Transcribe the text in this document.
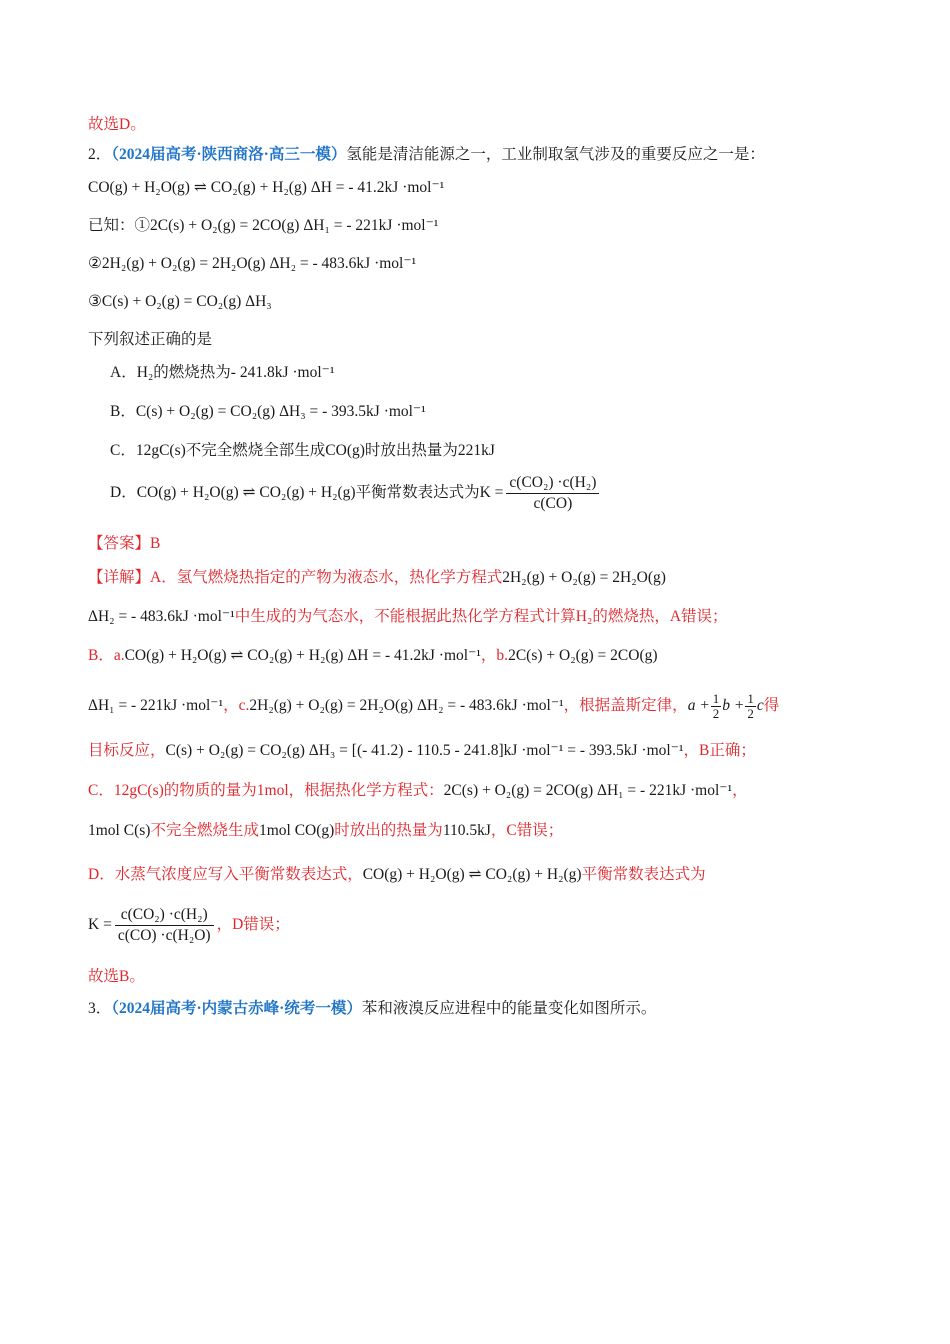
故选D。
2．（2024届高考·陕西商洛·高三一模）氢能是清洁能源之一，工业制取氢气涉及的重要反应之一是：
CO(g) + H₂O(g) ⇌ CO₂(g) + H₂(g) ΔH = - 41.2kJ ·mol⁻¹
已知：①2C(s) + O₂(g) = 2CO(g) ΔH₁ = - 221kJ ·mol⁻¹
②2H₂(g) + O₂(g) = 2H₂O(g) ΔH₂ = - 483.6kJ ·mol⁻¹
③C(s) + O₂(g) = CO₂(g) ΔH₃
下列叙述正确的是
A．H₂的燃烧热为- 241.8kJ ·mol⁻¹
B．C(s) + O₂(g) = CO₂(g) ΔH₃ = - 393.5kJ ·mol⁻¹
C．12gC(s)不完全燃烧全部生成CO(g)时放出热量为221kJ
D．CO(g) + H₂O(g) ⇌ CO₂(g) + H₂(g)平衡常数表达式为$K = \frac{\text{c(CO₂) ·c(H₂)}}{c(CO)}$
【答案】B
【详解】A．氢气燃烧热指定的产物为液态水，热化学方程式2H₂(g) + O₂(g) = 2H₂O(g)
ΔH₂ = - 483.6kJ ·mol⁻¹中生成的为气态水，不能根据此热化学方程式计算H₂的燃烧热，A错误；
B．a.CO(g) + H₂O(g) ⇌ CO₂(g) + H₂(g) ΔH = - 41.2kJ ·mol⁻¹，b.2C(s) + O₂(g) = 2CO(g)
ΔH₁ = - 221kJ ·mol⁻¹，c.2H₂(g) + O₂(g) = 2H₂O(g) ΔH₂ = - 483.6kJ ·mol⁻¹，根据盖斯定律，$a + \frac{1}{2}$ $b + \frac{1}{2}$ c得
目标反应，C(s) + O₂(g) = CO₂(g) ΔH₃ = [(- 41.2) - 110.5 - 241.8]kJ ·mol⁻¹ = - 393.5kJ ·mol⁻¹，B正确；
C．12gC(s)的物质的量为1mol，根据热化学方程式：2C(s) + O₂(g) = 2CO(g) ΔH₁ = - 221kJ ·mol⁻¹，
1mol C(s)不完全燃烧生成1mol CO(g)时放出的热量为110.5kJ，C错误；
D．水蒸气浓度应写入平衡常数表达式，CO(g) + H₂O(g) ⇌ CO₂(g) + H₂(g)平衡常数表达式为
$K = \frac{\text{c(CO₂) ·c(H₂)}}{\text{c(CO) ·c(H₂O)}}$ ，D错误；
故选B。
3．（2024届高考·内蒙古赤峰·统考一模）苯和液溴反应进程中的能量变化如图所示。
